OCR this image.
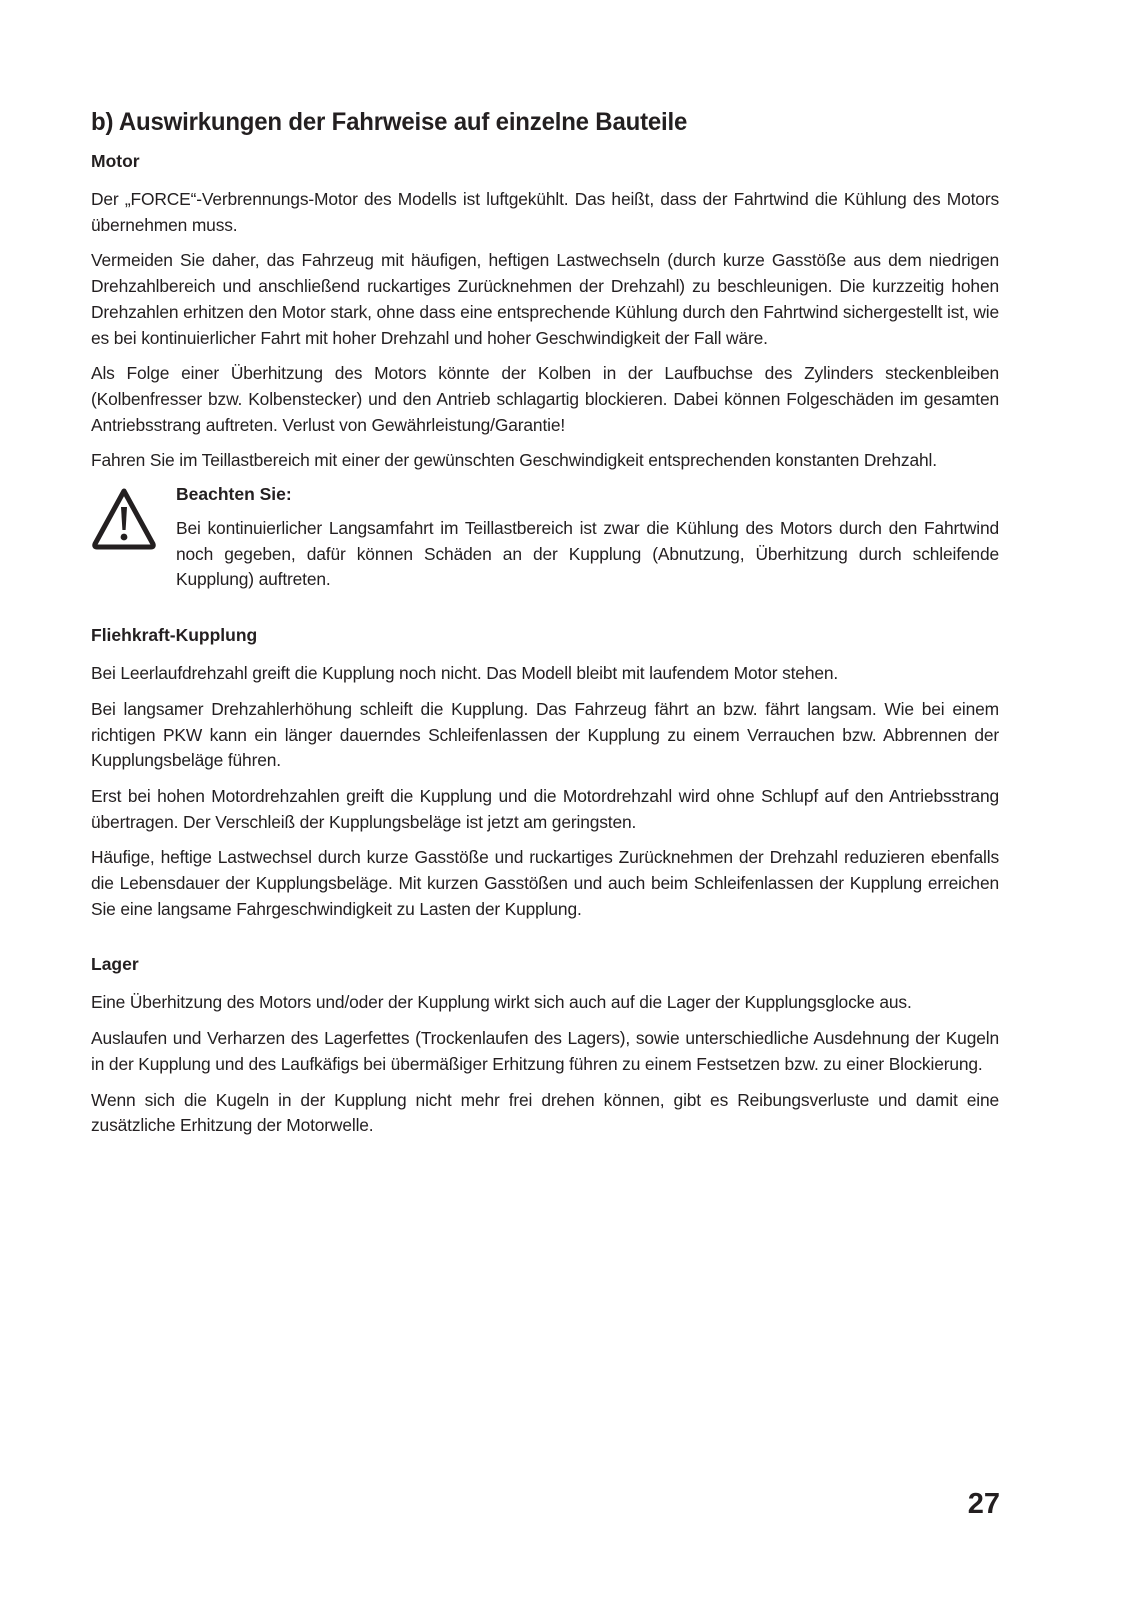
b) Auswirkungen der Fahrweise auf einzelne Bauteile
Motor

Der „FORCE“-Verbrennungs-Motor des Modells ist luftgekühlt. Das heißt, dass der Fahrtwind die Kühlung des Motors übernehmen muss.

Vermeiden Sie daher, das Fahrzeug mit häufigen, heftigen Lastwechseln (durch kurze Gasstöße aus dem niedrigen Drehzahlbereich und anschließend ruckartiges Zurücknehmen der Drehzahl) zu beschleunigen. Die kurzzeitig hohen Drehzahlen erhitzen den Motor stark, ohne dass eine entsprechende Kühlung durch den Fahrtwind sichergestellt ist, wie es bei kontinuierlicher Fahrt mit hoher Drehzahl und hoher Geschwindigkeit der Fall wäre.

Als Folge einer Überhitzung des Motors könnte der Kolben in der Laufbuchse des Zylinders steckenbleiben (Kolbenfresser bzw. Kolbenstecker) und den Antrieb schlagartig blockieren. Dabei können Folgeschäden im gesamten Antriebsstrang auftreten. Verlust von Gewährleistung/Garantie!

Fahren Sie im Teillastbereich mit einer der gewünschten Geschwindigkeit entsprechenden konstanten Drehzahl.

Beachten Sie:

Bei kontinuierlicher Langsamfahrt im Teillastbereich ist zwar die Kühlung des Motors durch den Fahrtwind noch gegeben, dafür können Schäden an der Kupplung (Abnutzung, Überhitzung durch schleifende Kupplung) auftreten.

Fliehkraft-Kupplung

Bei Leerlaufdrehzahl greift die Kupplung noch nicht. Das Modell bleibt mit laufendem Motor stehen.

Bei langsamer Drehzahlerhöhung schleift die Kupplung. Das Fahrzeug fährt an bzw. fährt langsam. Wie bei einem richtigen PKW kann ein länger dauerndes Schleifenlassen der Kupplung zu einem Verrauchen bzw. Abbrennen der Kupplungsbeläge führen.

Erst bei hohen Motordrehzahlen greift die Kupplung und die Motordrehzahl wird ohne Schlupf auf den Antriebsstrang übertragen. Der Verschleiß der Kupplungsbeläge ist jetzt am geringsten.

Häufige, heftige Lastwechsel durch kurze Gasstöße und ruckartiges Zurücknehmen der Drehzahl reduzieren ebenfalls die Lebensdauer der Kupplungsbeläge. Mit kurzen Gasstößen und auch beim Schleifenlassen der Kupplung erreichen Sie eine langsame Fahrgeschwindigkeit zu Lasten der Kupplung.

Lager

Eine Überhitzung des Motors und/oder der Kupplung wirkt sich auch auf die Lager der Kupplungsglocke aus.

Auslaufen und Verharzen des Lagerfettes (Trockenlaufen des Lagers), sowie unterschiedliche Ausdehnung der Kugeln in der Kupplung und des Laufkäfigs bei übermäßiger Erhitzung führen zu einem Festsetzen bzw. zu einer Blockierung.

Wenn sich die Kugeln in der Kupplung nicht mehr frei drehen können, gibt es Reibungsverluste und damit eine zusätzliche Erhitzung der Motorwelle.

27
